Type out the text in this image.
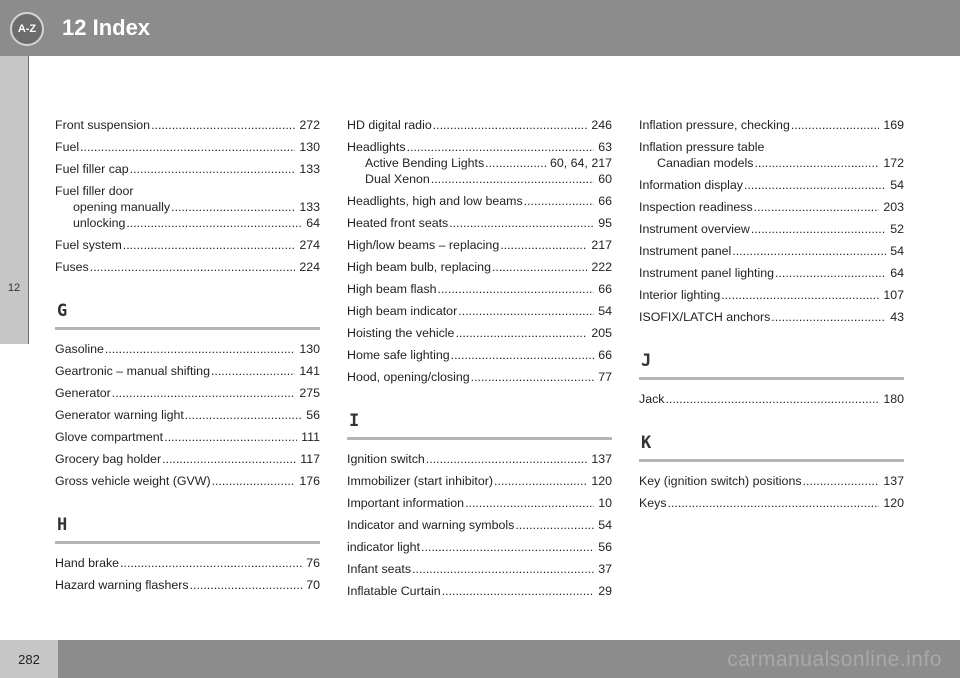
A-Z 12 Index
12
Front suspension .....	272
Fuel .....	130
Fuel filler cap .....	133
Fuel filler door
opening manually .....	133
unlocking .....	64
Fuel system .....	274
Fuses .....	224
G
Gasoline .....	130
Geartronic – manual shifting .....	141
Generator .....	275
Generator warning light .....	56
Glove compartment .....	111
Grocery bag holder .....	117
Gross vehicle weight (GVW) .....	176
H
Hand brake .....	76
Hazard warning flashers .....	70
HD digital radio .....	246
Headlights .....	63
Active Bending Lights .....	60, 64, 217
Dual Xenon .....	60
Headlights, high and low beams .....	66
Heated front seats .....	95
High/low beams – replacing .....	217
High beam bulb, replacing .....	222
High beam flash .....	66
High beam indicator .....	54
Hoisting the vehicle .....	205
Home safe lighting .....	66
Hood, opening/closing .....	77
I
Ignition switch .....	137
Immobilizer (start inhibitor) .....	120
Important information .....	10
Indicator and warning symbols .....	54
indicator light .....	56
Infant seats .....	37
Inflatable Curtain .....	29
Inflation pressure, checking .....	169
Inflation pressure table
Canadian models .....	172
Information display .....	54
Inspection readiness .....	203
Instrument overview .....	52
Instrument panel .....	54
Instrument panel lighting .....	64
Interior lighting .....	107
ISOFIX/LATCH anchors .....	43
J
Jack .....	180
K
Key (ignition switch) positions .....	137
Keys .....	120
282	carmanualsonline.info
